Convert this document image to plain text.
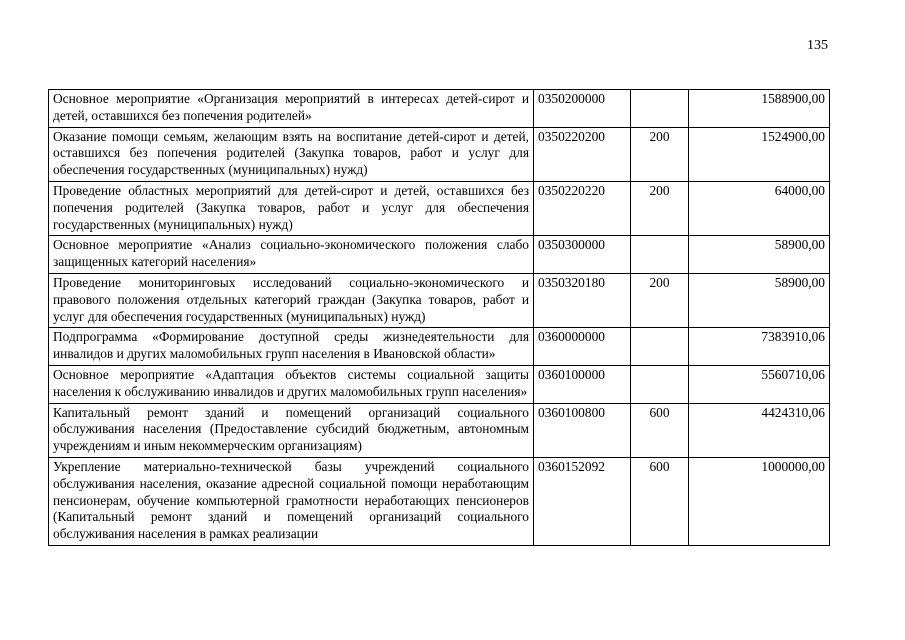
135
Основное мероприятие «Организация мероприятий в интересах детей-сирот и детей, оставшихся без попечения родителей»	0350200000		1588900,00
Оказание помощи семьям, желающим взять на воспитание детей-сирот и детей, оставшихся без попечения родителей (Закупка товаров, работ и услуг для обеспечения государственных (муниципальных) нужд)	0350220200	200	1524900,00
Проведение областных мероприятий для детей-сирот и детей, оставшихся без попечения родителей (Закупка товаров, работ и услуг для обеспечения государственных (муниципальных) нужд)	0350220220	200	64000,00
Основное мероприятие «Анализ социально-экономического положения слабо защищенных категорий населения»	0350300000		58900,00
Проведение мониторинговых исследований социально-экономического и правового положения отдельных категорий граждан (Закупка товаров, работ и услуг для обеспечения государственных (муниципальных) нужд)	0350320180	200	58900,00
Подпрограмма «Формирование доступной среды жизнедеятельности для инвалидов и других маломобильных групп населения в Ивановской области»	0360000000		7383910,06
Основное мероприятие «Адаптация объектов системы социальной защиты населения к обслуживанию инвалидов и других маломобильных групп населения»	0360100000		5560710,06
Капитальный ремонт зданий и помещений организаций социального обслуживания населения (Предоставление субсидий бюджетным, автономным учреждениям и иным некоммерческим организациям)	0360100800	600	4424310,06
Укрепление материально-технической базы учреждений социального обслуживания населения, оказание адресной социальной помощи неработающим пенсионерам, обучение компьютерной грамотности неработающих пенсионеров (Капитальный ремонт зданий и помещений организаций социального обслуживания населения в рамках реализации	0360152092	600	1000000,00
